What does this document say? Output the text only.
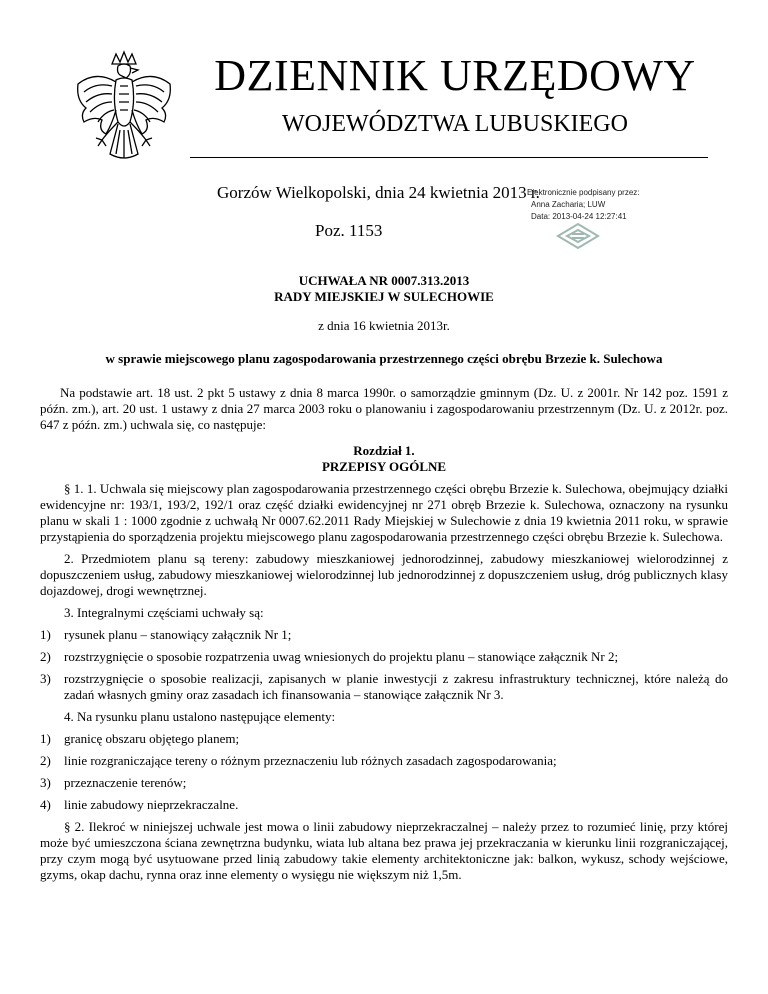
DZIENNIK URZĘDOWY
WOJEWÓDZTWA LUBUSKIEGO
Gorzów Wielkopolski, dnia 24 kwietnia 2013 r.
Elektronicznie podpisany przez:
Anna Zacharia; LUW
Data: 2013-04-24 12:27:41
Poz. 1153
UCHWAŁA NR 0007.313.2013
RADY MIEJSKIEJ W SULECHOWIE
z dnia 16 kwietnia 2013r.
w sprawie miejscowego planu zagospodarowania przestrzennego części obrębu Brzezie k. Sulechowa

Na podstawie art. 18 ust. 2 pkt 5 ustawy z dnia 8 marca 1990r. o samorządzie gminnym (Dz. U. z 2001r. Nr 142 poz. 1591 z późn. zm.), art. 20 ust. 1 ustawy z dnia 27 marca 2003 roku o planowaniu i zagospodarowaniu przestrzennym (Dz. U. z 2012r. poz. 647 z późn. zm.) uchwala się, co następuje:

Rozdział 1.
PRZEPISY OGÓLNE

§ 1. 1. Uchwala się miejscowy plan zagospodarowania przestrzennego części obrębu Brzezie k. Sulechowa, obejmujący działki ewidencyjne nr: 193/1, 193/2, 192/1 oraz część działki ewidencyjnej nr 271 obręb Brzezie k. Sulechowa, oznaczony na rysunku planu w skali 1 : 1000 zgodnie z uchwałą Nr 0007.62.2011 Rady Miejskiej w Sulechowie z dnia 19 kwietnia 2011 roku, w sprawie przystąpienia do sporządzenia projektu miejscowego planu zagospodarowania przestrzennego części obrębu Brzezie k. Sulechowa.

2. Przedmiotem planu są tereny: zabudowy mieszkaniowej jednorodzinnej, zabudowy mieszkaniowej wielorodzinnej z dopuszczeniem usług, zabudowy mieszkaniowej wielorodzinnej lub jednorodzinnej z dopuszczeniem usług, dróg publicznych klasy dojazdowej, drogi wewnętrznej.

3. Integralnymi częściami uchwały są:

1)	rysunek planu – stanowiący załącznik Nr 1;
2)	rozstrzygnięcie o sposobie rozpatrzenia uwag wniesionych do projektu planu – stanowiące załącznik Nr 2;
3)	rozstrzygnięcie o sposobie realizacji, zapisanych w planie inwestycji z zakresu infrastruktury technicznej, które należą do zadań własnych gminy oraz zasadach ich finansowania – stanowiące załącznik Nr 3.

4. Na rysunku planu ustalono następujące elementy:

1)	granicę obszaru objętego planem;
2)	linie rozgraniczające tereny o różnym przeznaczeniu lub różnych zasadach zagospodarowania;
3)	przeznaczenie terenów;
4)	linie zabudowy nieprzekraczalne.

§ 2. Ilekroć w niniejszej uchwale jest mowa o linii zabudowy nieprzekraczalnej – należy przez to rozumieć linię, przy której może być umieszczona ściana zewnętrzna budynku, wiata lub altana bez prawa jej przekraczania w kierunku linii rozgraniczającej, przy czym mogą być usytuowane przed linią zabudowy takie elementy architektoniczne jak: balkon, wykusz, schody wejściowe, gzyms, okap dachu, rynna oraz inne elementy o wysięgu nie większym niż 1,5m.
